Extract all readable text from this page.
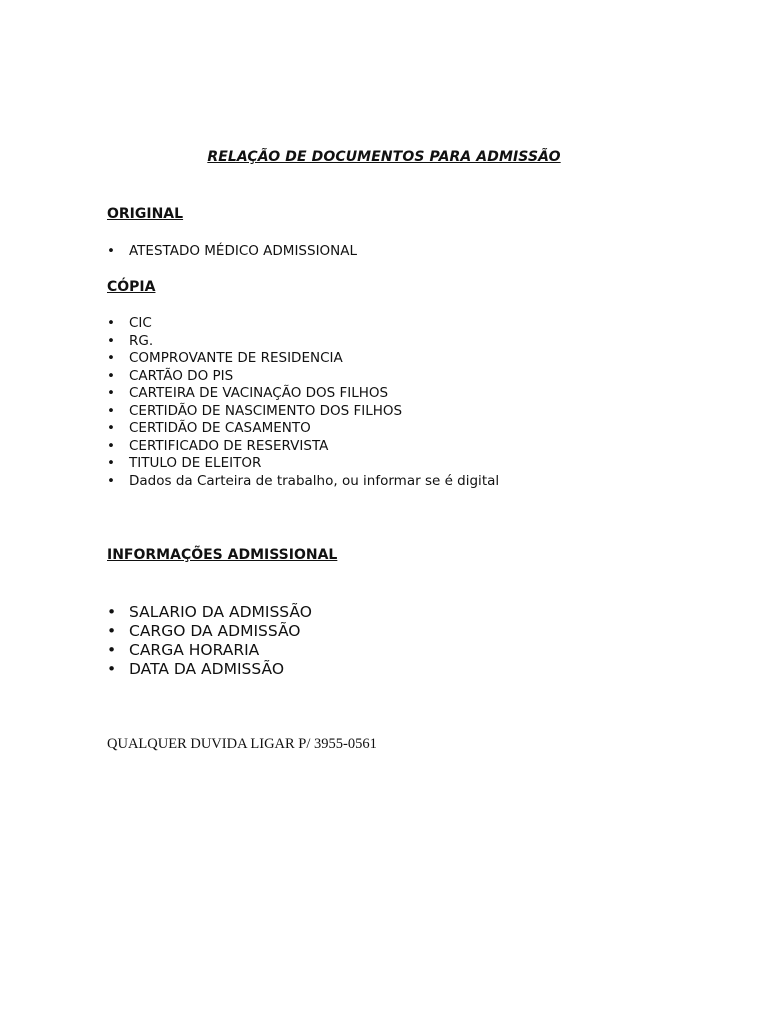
RELAÇÃO DE DOCUMENTOS PARA ADMISSÃO
ORIGINAL
• ATESTADO MÉDICO ADMISSIONAL
CÓPIA
• CIC
• RG.
• COMPROVANTE DE RESIDENCIA
• CARTÃO DO PIS
• CARTEIRA DE VACINAÇÃO DOS FILHOS
• CERTIDÃO DE NASCIMENTO DOS FILHOS
• CERTIDÃO DE CASAMENTO
• CERTIFICADO DE RESERVISTA
• TITULO DE ELEITOR
• Dados da Carteira de trabalho, ou informar se é digital
INFORMAÇÕES ADMISSIONAL
• SALARIO DA ADMISSÃO
• CARGO DA ADMISSÃO
• CARGA HORARIA
• DATA DA ADMISSÃO
QUALQUER DUVIDA LIGAR P/ 3955-0561
